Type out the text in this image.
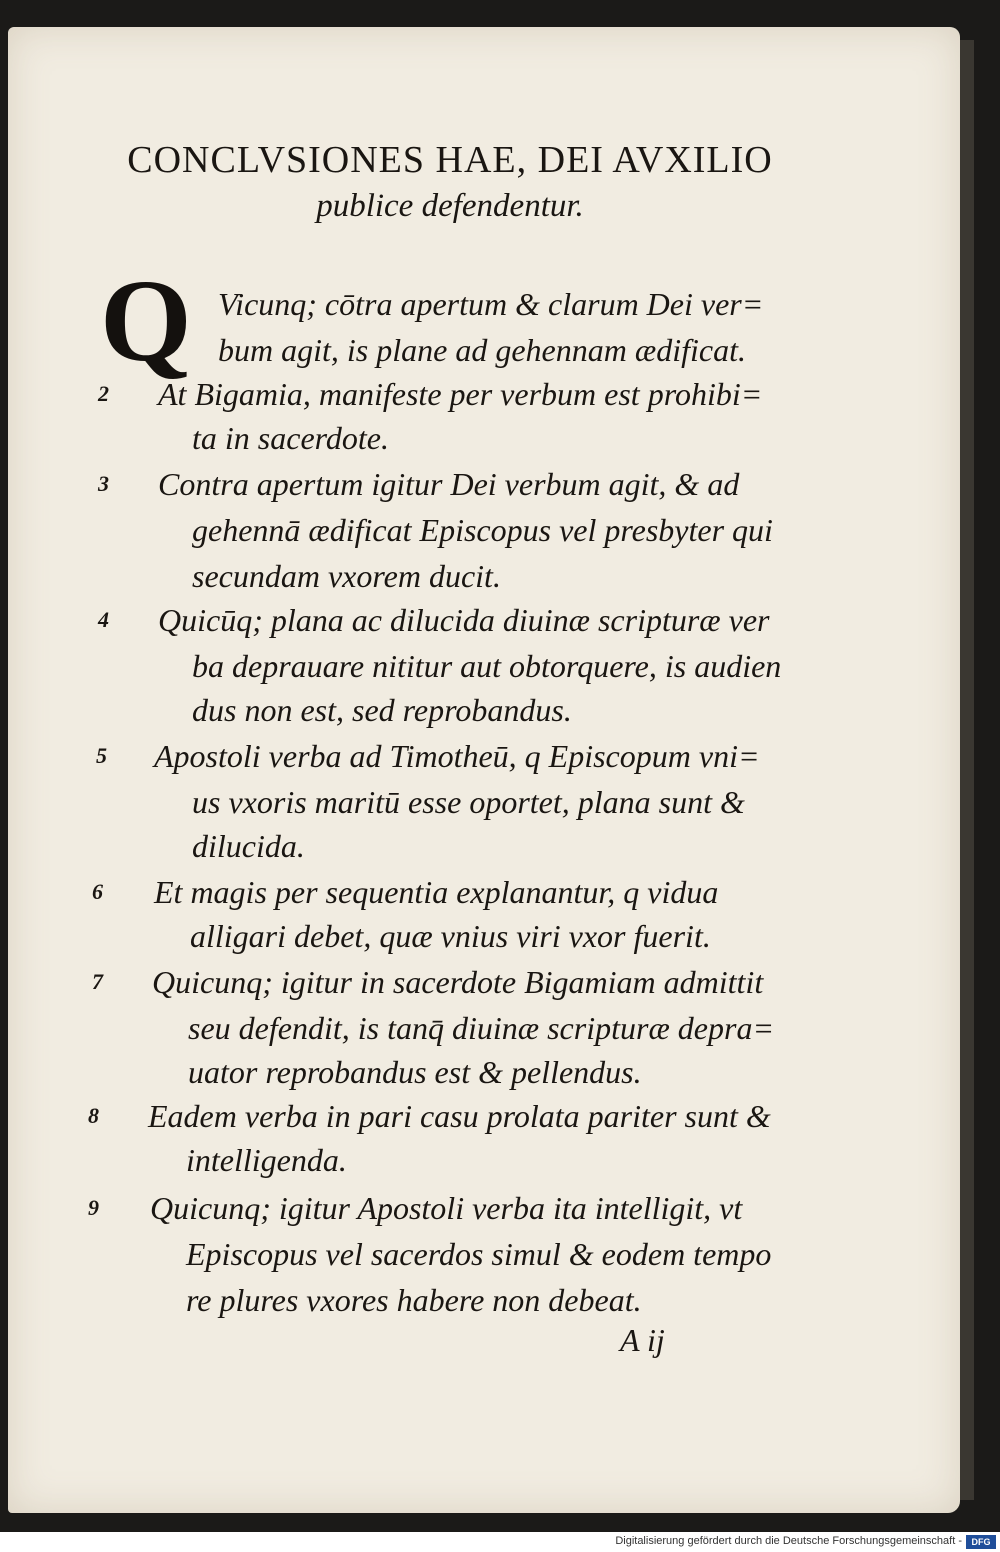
CONCLVSIONES HAE, DEI AVXILIO
publice defendentur.
Q Vicunq; cōtra apertum & clarum Dei ver=
bum agit, is plane ad gehennam ædificat.
2 At Bigamia, manifeste per verbum est prohibi=
ta in sacerdote.
3 Contra apertum igitur Dei verbum agit, & ad
gehennā ædificat Episcopus vel presbyter qui
secundam vxorem ducit.
4 Quicūq; plana ac dilucida diuinæ scripturæ ver
ba deprauare nititur aut obtorquere, is audien
dus non est, sed reprobandus.
5 Apostoli verba ad Timotheū, q Episcopum vni=
us vxoris maritū esse oportet, plana sunt &
dilucida.
6 Et magis per sequentia explanantur, q vidua
alligari debet, quæ vnius viri vxor fuerit.
7 Quicunq; igitur in sacerdote Bigamiam admittit
seu defendit, is tanq̄ diuinæ scripturæ depra=
uator reprobandus est & pellendus.
8 Eadem verba in pari casu prolata pariter sunt &
intelligenda.
9 Quicunq; igitur Apostoli verba ita intelligit, vt
Episcopus vel sacerdos simul & eodem tempo
re plures vxores habere non debeat.
A ij
Digitalisierung gefördert durch die Deutsche Forschungsgemeinschaft -	DFG
